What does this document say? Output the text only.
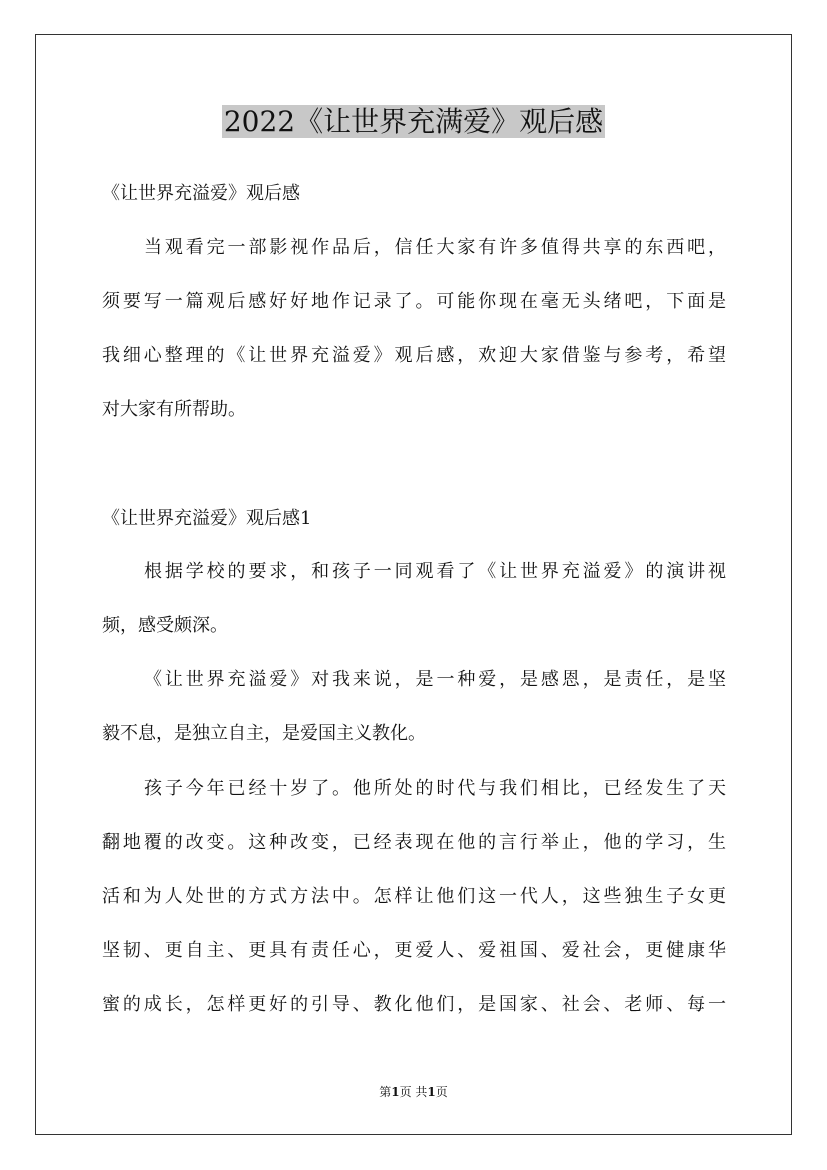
2022《让世界充满爱》观后感

《让世界充溢爱》观后感

当观看完一部影视作品后，信任大家有许多值得共享的东西吧，
须要写一篇观后感好好地作记录了。可能你现在毫无头绪吧，下面是
我细心整理的《让世界充溢爱》观后感，欢迎大家借鉴与参考，希望
对大家有所帮助。

《让世界充溢爱》观后感1

根据学校的要求，和孩子一同观看了《让世界充溢爱》的演讲视
频，感受颇深。
《让世界充溢爱》对我来说，是一种爱，是感恩，是责任，是坚
毅不息，是独立自主，是爱国主义教化。
孩子今年已经十岁了。他所处的时代与我们相比，已经发生了天
翻地覆的改变。这种改变，已经表现在他的言行举止，他的学习，生
活和为人处世的方式方法中。怎样让他们这一代人，这些独生子女更
坚韧、更自主、更具有责任心，更爱人、爱祖国、爱社会，更健康华
蜜的成长，怎样更好的引导、教化他们，是国家、社会、老师、每一

第1页 共1页
